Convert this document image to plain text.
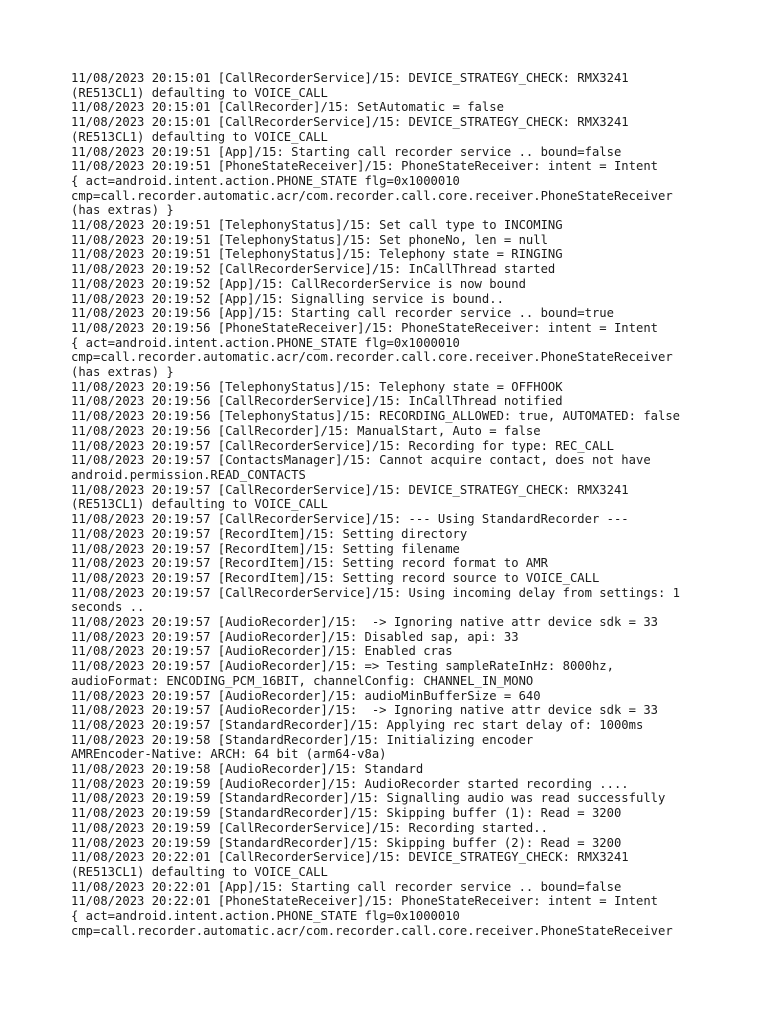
11/08/2023 20:15:01 [CallRecorderService]/15: DEVICE_STRATEGY_CHECK: RMX3241
(RE513CL1) defaulting to VOICE_CALL
11/08/2023 20:15:01 [CallRecorder]/15: SetAutomatic = false
11/08/2023 20:15:01 [CallRecorderService]/15: DEVICE_STRATEGY_CHECK: RMX3241
(RE513CL1) defaulting to VOICE_CALL
11/08/2023 20:19:51 [App]/15: Starting call recorder service .. bound=false
11/08/2023 20:19:51 [PhoneStateReceiver]/15: PhoneStateReceiver: intent = Intent
{ act=android.intent.action.PHONE_STATE flg=0x1000010
cmp=call.recorder.automatic.acr/com.recorder.call.core.receiver.PhoneStateReceiver
(has extras) }
11/08/2023 20:19:51 [TelephonyStatus]/15: Set call type to INCOMING
11/08/2023 20:19:51 [TelephonyStatus]/15: Set phoneNo, len = null
11/08/2023 20:19:51 [TelephonyStatus]/15: Telephony state = RINGING
11/08/2023 20:19:52 [CallRecorderService]/15: InCallThread started
11/08/2023 20:19:52 [App]/15: CallRecorderService is now bound
11/08/2023 20:19:52 [App]/15: Signalling service is bound..
11/08/2023 20:19:56 [App]/15: Starting call recorder service .. bound=true
11/08/2023 20:19:56 [PhoneStateReceiver]/15: PhoneStateReceiver: intent = Intent
{ act=android.intent.action.PHONE_STATE flg=0x1000010
cmp=call.recorder.automatic.acr/com.recorder.call.core.receiver.PhoneStateReceiver
(has extras) }
11/08/2023 20:19:56 [TelephonyStatus]/15: Telephony state = OFFHOOK
11/08/2023 20:19:56 [CallRecorderService]/15: InCallThread notified
11/08/2023 20:19:56 [TelephonyStatus]/15: RECORDING_ALLOWED: true, AUTOMATED: false
11/08/2023 20:19:56 [CallRecorder]/15: ManualStart, Auto = false
11/08/2023 20:19:57 [CallRecorderService]/15: Recording for type: REC_CALL
11/08/2023 20:19:57 [ContactsManager]/15: Cannot acquire contact, does not have
android.permission.READ_CONTACTS
11/08/2023 20:19:57 [CallRecorderService]/15: DEVICE_STRATEGY_CHECK: RMX3241
(RE513CL1) defaulting to VOICE_CALL
11/08/2023 20:19:57 [CallRecorderService]/15: --- Using StandardRecorder ---
11/08/2023 20:19:57 [RecordItem]/15: Setting directory
11/08/2023 20:19:57 [RecordItem]/15: Setting filename
11/08/2023 20:19:57 [RecordItem]/15: Setting record format to AMR
11/08/2023 20:19:57 [RecordItem]/15: Setting record source to VOICE_CALL
11/08/2023 20:19:57 [CallRecorderService]/15: Using incoming delay from settings: 1
seconds ..
11/08/2023 20:19:57 [AudioRecorder]/15:  -> Ignoring native attr device sdk = 33
11/08/2023 20:19:57 [AudioRecorder]/15: Disabled sap, api: 33
11/08/2023 20:19:57 [AudioRecorder]/15: Enabled cras
11/08/2023 20:19:57 [AudioRecorder]/15: => Testing sampleRateInHz: 8000hz,
audioFormat: ENCODING_PCM_16BIT, channelConfig: CHANNEL_IN_MONO
11/08/2023 20:19:57 [AudioRecorder]/15: audioMinBufferSize = 640
11/08/2023 20:19:57 [AudioRecorder]/15:  -> Ignoring native attr device sdk = 33
11/08/2023 20:19:57 [StandardRecorder]/15: Applying rec start delay of: 1000ms
11/08/2023 20:19:58 [StandardRecorder]/15: Initializing encoder
AMREncoder-Native: ARCH: 64 bit (arm64-v8a)
11/08/2023 20:19:58 [AudioRecorder]/15: Standard
11/08/2023 20:19:59 [AudioRecorder]/15: AudioRecorder started recording ....
11/08/2023 20:19:59 [StandardRecorder]/15: Signalling audio was read successfully
11/08/2023 20:19:59 [StandardRecorder]/15: Skipping buffer (1): Read = 3200
11/08/2023 20:19:59 [CallRecorderService]/15: Recording started..
11/08/2023 20:19:59 [StandardRecorder]/15: Skipping buffer (2): Read = 3200
11/08/2023 20:22:01 [CallRecorderService]/15: DEVICE_STRATEGY_CHECK: RMX3241
(RE513CL1) defaulting to VOICE_CALL
11/08/2023 20:22:01 [App]/15: Starting call recorder service .. bound=false
11/08/2023 20:22:01 [PhoneStateReceiver]/15: PhoneStateReceiver: intent = Intent
{ act=android.intent.action.PHONE_STATE flg=0x1000010
cmp=call.recorder.automatic.acr/com.recorder.call.core.receiver.PhoneStateReceiver
